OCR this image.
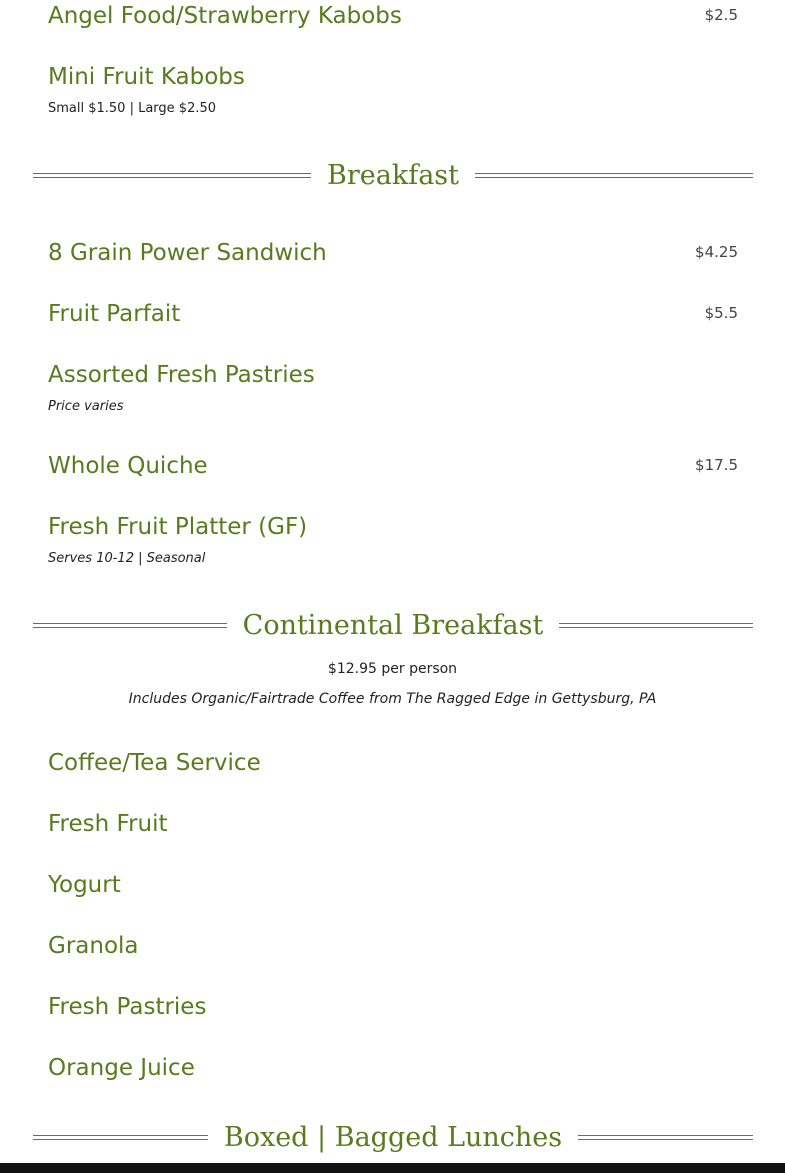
Angel Food/Strawberry Kabobs	$2.5
Mini Fruit Kabobs
Small $1.50 | Large $2.50
Breakfast
8 Grain Power Sandwich	$4.25
Fruit Parfait	$5.5
Assorted Fresh Pastries
Price varies
Whole Quiche	$17.5
Fresh Fruit Platter (GF)
Serves 10-12 | Seasonal
Continental Breakfast
$12.95 per person
Includes Organic/Fairtrade Coffee from The Ragged Edge in Gettysburg, PA
Coffee/Tea Service
Fresh Fruit
Yogurt
Granola
Fresh Pastries
Orange Juice
Boxed | Bagged Lunches
